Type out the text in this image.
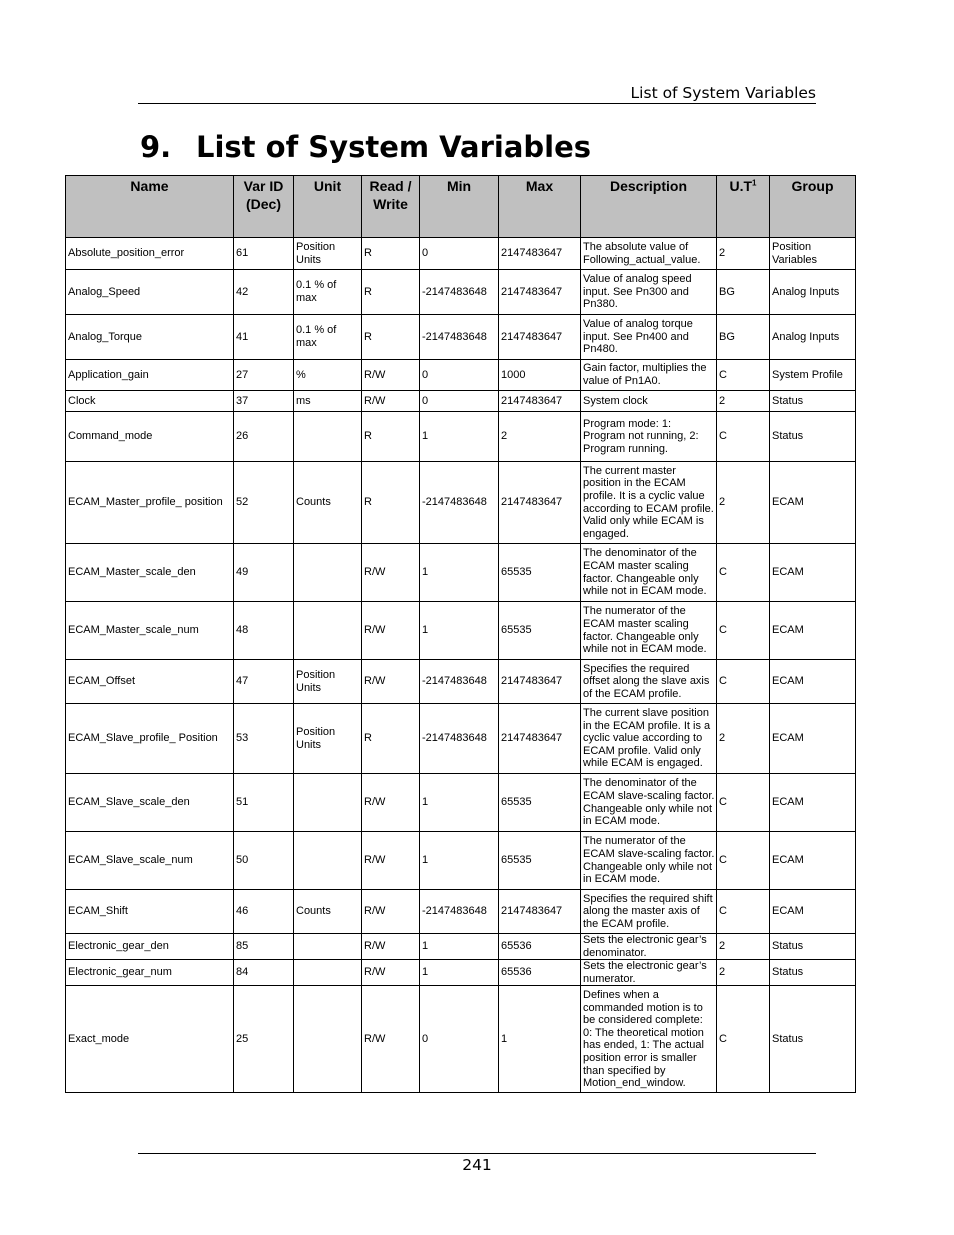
List of System Variables
9. List of System Variables
Name	Var ID (Dec)	Unit	Read / Write	Min	Max	Description	$U.T^1$	Group
Absolute_position_error	61	Position Units	R	0	2147483647	The absolute value of Following_actual_value.	2	Position Variables
Analog_Speed	42	0.1 % of max	R	-2147483648	2147483647	Value of analog speed input. See Pn300 and Pn380.	BG	Analog Inputs
Analog_Torque	41	0.1 % of max	R	-2147483648	2147483647	Value of analog torque input. See Pn400 and Pn480.	BG	Analog Inputs
Application_gain	27	%	R/W	0	1000	Gain factor, multiplies the value of Pn1A0.	C	System Profile
Clock	37	ms	R/W	0	2147483647	System clock	2	Status
Command_mode	26		R	1	2	Program mode: 1: Program not running, 2: Program running.	C	Status
ECAM_Master_profile_ position	52	Counts	R	-2147483648	2147483647	The current master position in the ECAM profile. It is a cyclic value according to ECAM profile. Valid only while ECAM is engaged.	2	ECAM
ECAM_Master_scale_den	49		R/W	1	65535	The denominator of the ECAM master scaling factor. Changeable only while not in ECAM mode.	C	ECAM
ECAM_Master_scale_num	48		R/W	1	65535	The numerator of the ECAM master scaling factor. Changeable only while not in ECAM mode.	C	ECAM
ECAM_Offset	47	Position Units	R/W	-2147483648	2147483647	Specifies the required offset along the slave axis of the ECAM profile.	C	ECAM
ECAM_Slave_profile_ Position	53	Position Units	R	-2147483648	2147483647	The current slave position in the ECAM profile. It is a cyclic value according to ECAM profile. Valid only while ECAM is engaged.	2	ECAM
ECAM_Slave_scale_den	51		R/W	1	65535	The denominator of the ECAM slave-scaling factor. Changeable only while not in ECAM mode.	C	ECAM
ECAM_Slave_scale_num	50		R/W	1	65535	The numerator of the ECAM slave-scaling factor. Changeable only while not in ECAM mode.	C	ECAM
ECAM_Shift	46	Counts	R/W	-2147483648	2147483647	Specifies the required shift along the master axis of the ECAM profile.	C	ECAM
Electronic_gear_den	85		R/W	1	65536	Sets the electronic gear’s denominator.	2	Status
Electronic_gear_num	84		R/W	1	65536	Sets the electronic gear’s numerator.	2	Status
Exact_mode	25		R/W	0	1	Defines when a commanded motion is to be considered complete: 0: The theoretical motion has ended, 1: The actual position error is smaller than specified by Motion_end_window.	C	Status
241
